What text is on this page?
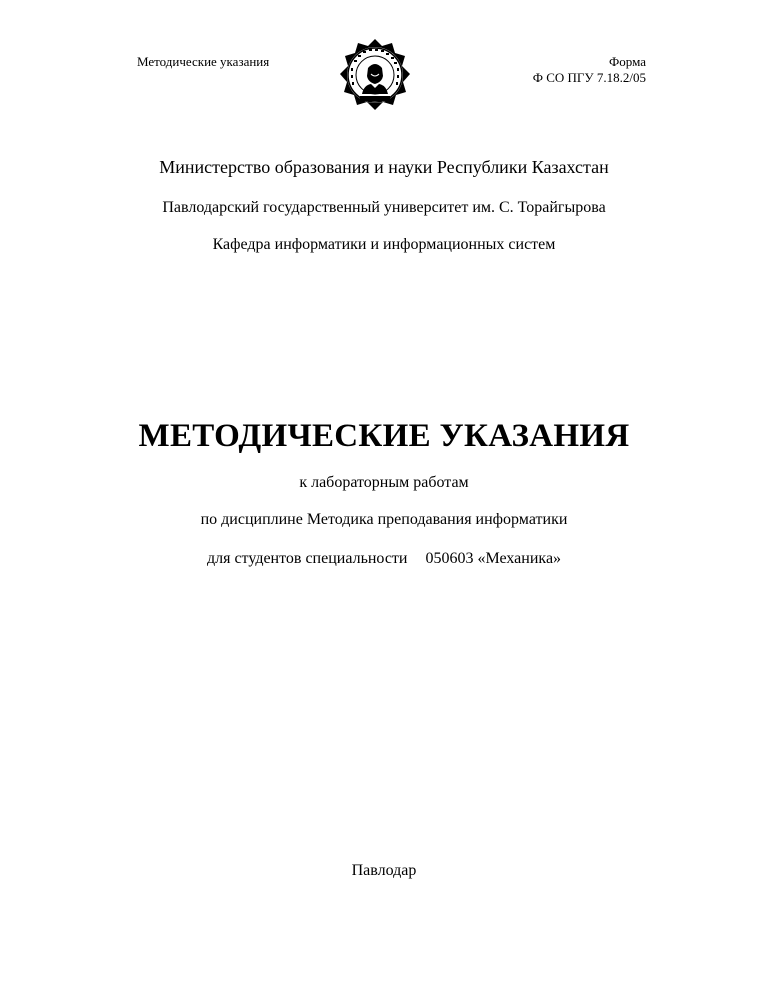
Методические указания	Форма
Ф СО ПГУ 7.18.2/05
Министерство образования и науки Республики Казахстан
Павлодарский государственный университет им. С. Торайгырова
Кафедра информатики и информационных систем
МЕТОДИЧЕСКИЕ УКАЗАНИЯ
к лабораторным работам
по дисциплине Методика преподавания информатики
для студентов специальности 050603 «Механика»
Павлодар
